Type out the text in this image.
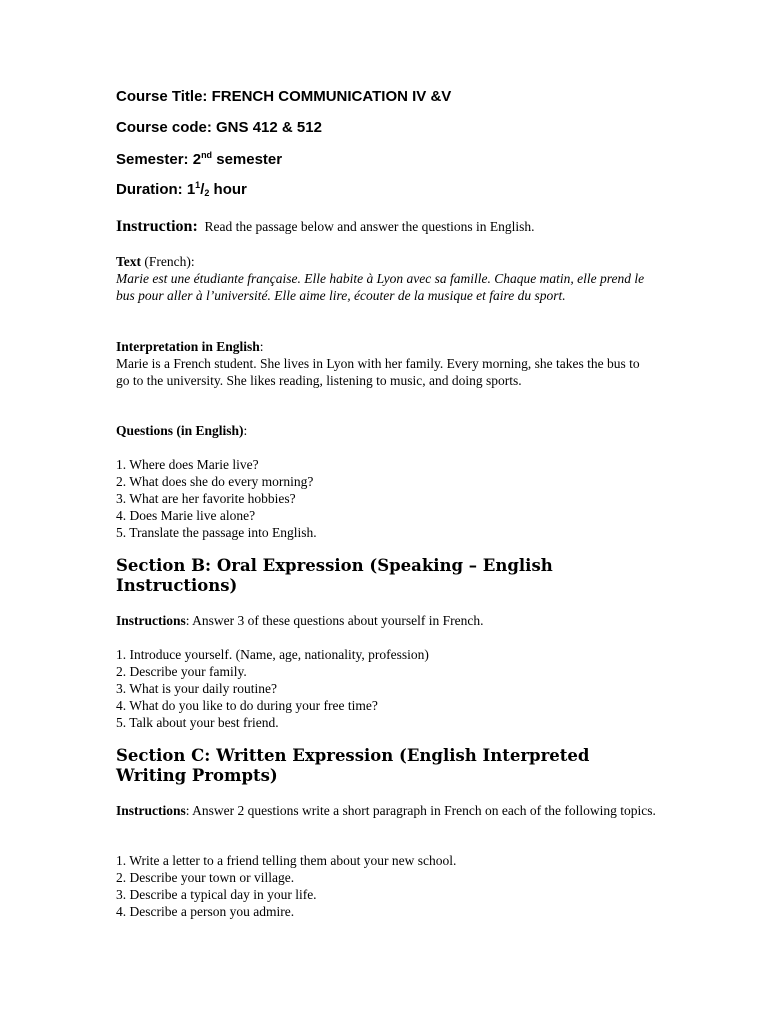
Course Title: FRENCH COMMUNICATION IV &V

Course code: GNS 412 & 512

Semester: 2nd semester

Duration: $1^1/_2$ hour

Instruction: Read the passage below and answer the questions in English.
Text (French):
Marie est une étudiante française. Elle habite à Lyon avec sa famille. Chaque matin, elle prend le bus pour aller à l’université. Elle aime lire, écouter de la musique et faire du sport.
Interpretation in English:
Marie is a French student. She lives in Lyon with her family. Every morning, she takes the bus to go to the university. She likes reading, listening to music, and doing sports.
Questions (in English):
1. Where does Marie live?
2. What does she do every morning?
3. What are her favorite hobbies?
4. Does Marie live alone?
5. Translate the passage into English.
Section B: Oral Expression (Speaking – English Instructions)
Instructions: Answer 3 of these questions about yourself in French.
1. Introduce yourself. (Name, age, nationality, profession)
2. Describe your family.
3. What is your daily routine?
4. What do you like to do during your free time?
5. Talk about your best friend.
Section C: Written Expression (English Interpreted Writing Prompts)
Instructions: Answer 2 questions write a short paragraph in French on each of the following topics.
1. Write a letter to a friend telling them about your new school.
2. Describe your town or village.
3. Describe a typical day in your life.
4. Describe a person you admire.
